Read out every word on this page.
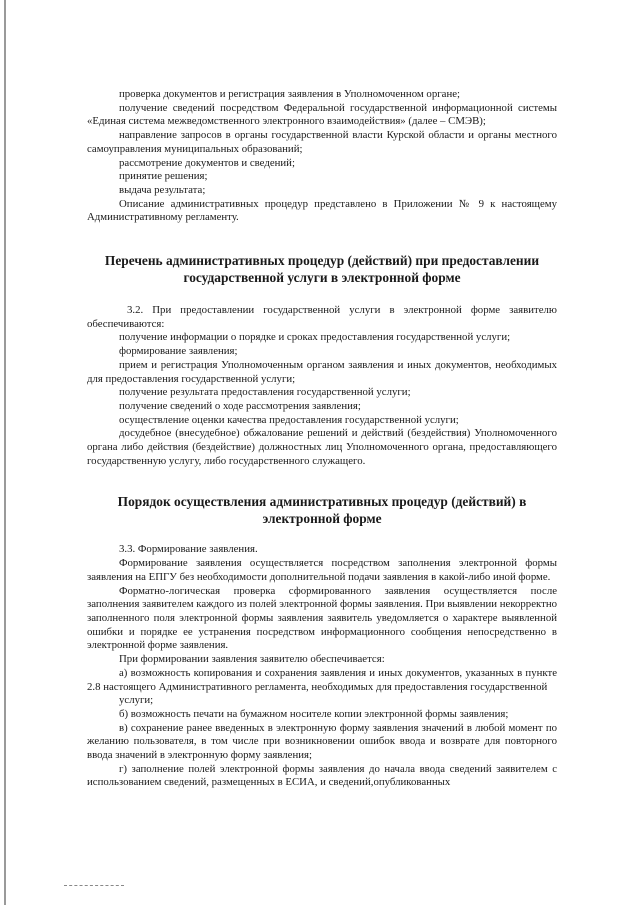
проверка документов и регистрация заявления в Уполномоченном органе;

получение сведений посредством Федеральной государственной информационной системы «Единая система межведомственного электронного взаимодействия» (далее – СМЭВ);

направление запросов в органы государственной власти Курской области и органы местного самоуправления муниципальных образований;

рассмотрение документов и сведений;

принятие решения;

выдача результата;

Описание административных процедур представлено в Приложении № 9 к настоящему Административному регламенту.

Перечень административных процедур (действий) при предоставлении государственной услуги в электронной форме

3.2. При предоставлении государственной услуги в электронной форме заявителю обеспечиваются:

получение информации о порядке и сроках предоставления государственной услуги;

формирование заявления;

прием и регистрация Уполномоченным органом заявления и иных документов, необходимых для предоставления государственной услуги;

получение результата предоставления государственной услуги;

получение сведений о ходе рассмотрения заявления;

осуществление оценки качества предоставления государственной услуги;

досудебное (внесудебное) обжалование решений и действий (бездействия) Уполномоченного органа либо действия (бездействие) должностных лиц Уполномоченного органа, предоставляющего государственную услугу, либо государственного служащего.

Порядок осуществления административных процедур (действий) в электронной форме

3.3. Формирование заявления.

Формирование заявления осуществляется посредством заполнения электронной формы заявления на ЕПГУ без необходимости дополнительной подачи заявления в какой-либо иной форме.

Форматно-логическая проверка сформированного заявления осуществляется после заполнения заявителем каждого из полей электронной формы заявления. При выявлении некорректно заполненного поля электронной формы заявления заявитель уведомляется о характере выявленной ошибки и порядке ее устранения посредством информационного сообщения непосредственно в электронной форме заявления.

При формировании заявления заявителю обеспечивается:

а) возможность копирования и сохранения заявления и иных документов, указанных в пункте 2.8 настоящего Административного регламента, необходимых для предоставления государственной

услуги;

б) возможность печати на бумажном носителе копии электронной формы заявления;

в) сохранение ранее введенных в электронную форму заявления значений в любой момент по желанию пользователя, в том числе при возникновении ошибок ввода и возврате для повторного ввода значений в электронную форму заявления;

г) заполнение полей электронной формы заявления до начала ввода сведений заявителем с использованием сведений, размещенных в ЕСИА, и сведений,опубликованных
